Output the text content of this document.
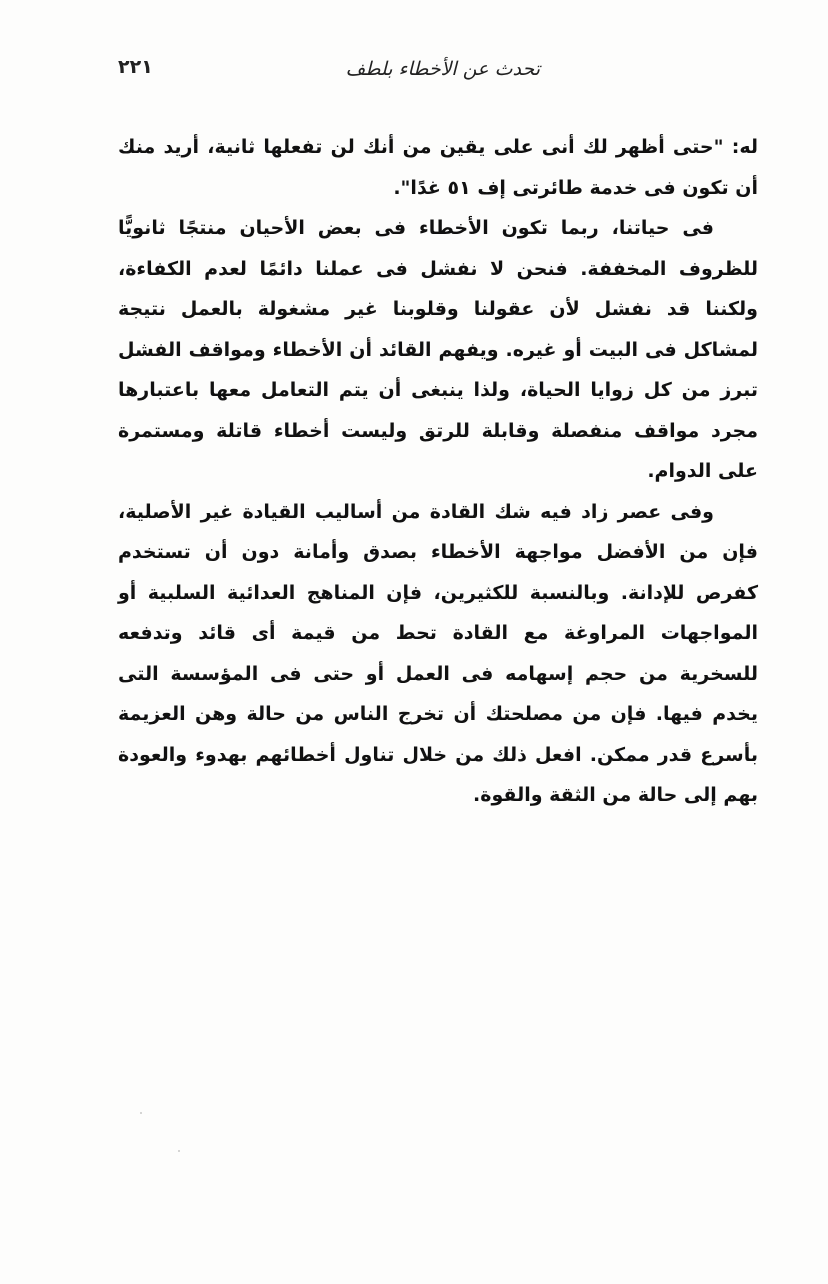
تحدث عن الأخطاء بلطف
٢٢١

له: "حتى أظهر لك أنى على يقين من أنك لن تفعلها ثانية، أريد منك أن تكون فى خدمة طائرتى إف ٥١ غدًا".

فى حياتنا، ربما تكون الأخطاء فى بعض الأحيان منتجًا ثانويًّا للظروف المخففة. فنحن لا نفشل فى عملنا دائمًا لعدم الكفاءة، ولكننا قد نفشل لأن عقولنا وقلوبنا غير مشغولة بالعمل نتيجة لمشاكل فى البيت أو غيره. ويفهم القائد أن الأخطاء ومواقف الفشل تبرز من كل زوايا الحياة، ولذا ينبغى أن يتم التعامل معها باعتبارها مجرد مواقف منفصلة وقابلة للرتق وليست أخطاء قاتلة ومستمرة على الدوام.

وفى عصر زاد فيه شك القادة من أساليب القيادة غير الأصلية، فإن من الأفضل مواجهة الأخطاء بصدق وأمانة دون أن تستخدم كفرص للإدانة. وبالنسبة للكثيرين، فإن المناهج العدائية السلبية أو المواجهات المراوغة مع القادة تحط من قيمة أى قائد وتدفعه للسخرية من حجم إسهامه فى العمل أو حتى فى المؤسسة التى يخدم فيها. فإن من مصلحتك أن تخرج الناس من حالة وهن العزيمة بأسرع قدر ممكن. افعل ذلك من خلال تناول أخطائهم بهدوء والعودة بهم إلى حالة من الثقة والقوة.
